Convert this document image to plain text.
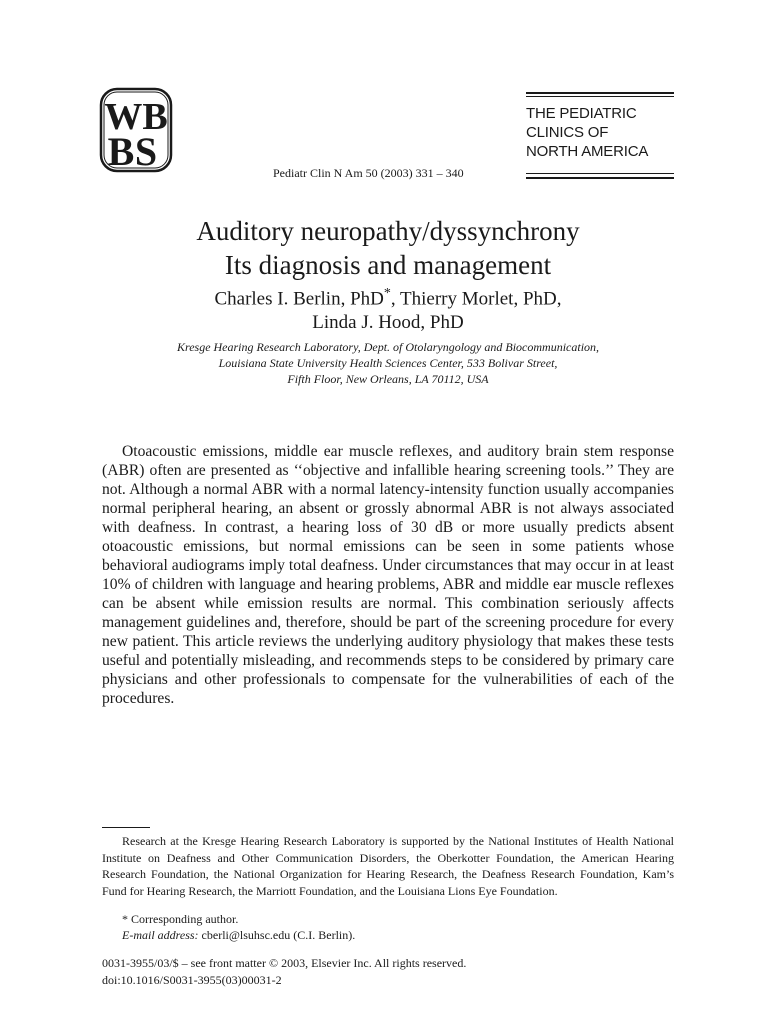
WB
S
B
THE PEDIATRIC
CLINICS OF
NORTH AMERICA
Pediatr Clin N Am 50 (2003) 331 – 340
Auditory neuropathy/dyssynchrony
Its diagnosis and management
Charles I. Berlin, PhD*, Thierry Morlet, PhD,
Linda J. Hood, PhD
Kresge Hearing Research Laboratory, Dept. of Otolaryngology and Biocommunication,
Louisiana State University Health Sciences Center, 533 Bolivar Street,
Fifth Floor, New Orleans, LA 70112, USA

Otoacoustic emissions, middle ear muscle reflexes, and auditory brain stem response (ABR) often are presented as ‘‘objective and infallible hearing screening tools.’’ They are not. Although a normal ABR with a normal latency-intensity function usually accompanies normal peripheral hearing, an absent or grossly abnormal ABR is not always associated with deafness. In contrast, a hearing loss of 30 dB or more usually predicts absent otoacoustic emissions, but normal emissions can be seen in some patients whose behavioral audiograms imply total deafness. Under circumstances that may occur in at least 10% of children with language and hearing problems, ABR and middle ear muscle reflexes can be absent while emission results are normal. This combination seriously affects management guidelines and, therefore, should be part of the screening procedure for every new patient. This article reviews the underlying auditory physiology that makes these tests useful and potentially misleading, and recommends steps to be considered by primary care physicians and other professionals to compensate for the vulnerabilities of each of the procedures.

Research at the Kresge Hearing Research Laboratory is supported by the National Institutes of Health National Institute on Deafness and Other Communication Disorders, the Oberkotter Foundation, the American Hearing Research Foundation, the National Organization for Hearing Research, the Deafness Research Foundation, Kam’s Fund for Hearing Research, the Marriott Foundation, and the Louisiana Lions Eye Foundation.

* Corresponding author.
E-mail address: cberli@lsuhsc.edu (C.I. Berlin).
0031-3955/03/$ – see front matter © 2003, Elsevier Inc. All rights reserved.
doi:10.1016/S0031-3955(03)00031-2
